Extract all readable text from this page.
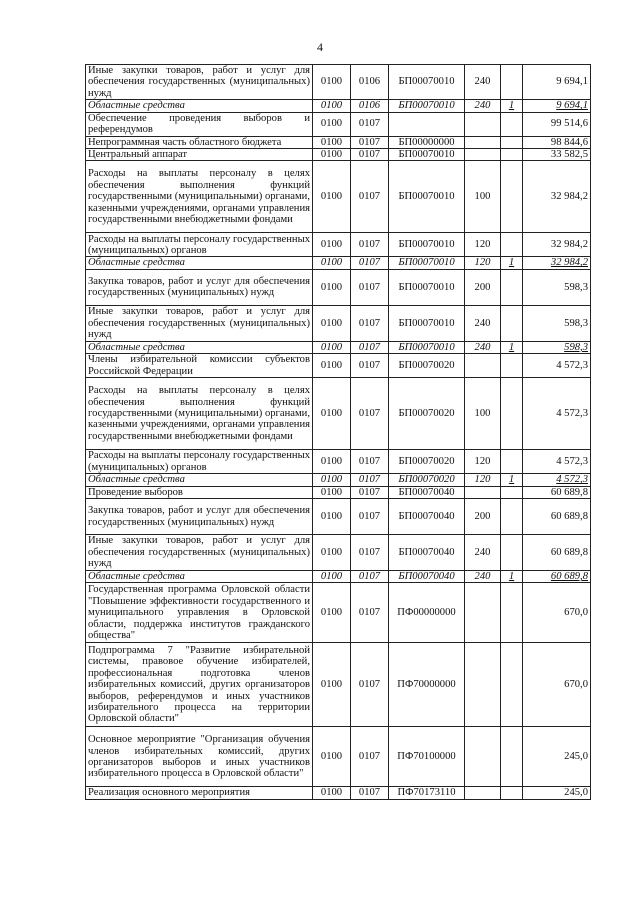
4
Иные закупки товаров, работ и услуг для обеспечения государственных (муниципальных) нужд	0100	0106	БП00070010	240		9 694,1
Областные средства	0100	0106	БП00070010	240	1	9 694,1
Обеспечение проведения выборов и референдумов	0100	0107				99 514,6
Непрограммная часть областного бюджета	0100	0107	БП00000000			98 844,6
Центральный аппарат	0100	0107	БП00070010			33 582,5
Расходы на выплаты персоналу в целях обеспечения выполнения функций государственными (муниципальными) органами, казенными учреждениями, органами управления государственными внебюджетными фондами	0100	0107	БП00070010	100		32 984,2
Расходы на выплаты персоналу государственных (муниципальных) органов	0100	0107	БП00070010	120		32 984,2
Областные средства	0100	0107	БП00070010	120	1	32 984,2
Закупка товаров, работ и услуг для обеспечения государственных (муниципальных) нужд	0100	0107	БП00070010	200		598,3
Иные закупки товаров, работ и услуг для обеспечения государственных (муниципальных) нужд	0100	0107	БП00070010	240		598,3
Областные средства	0100	0107	БП00070010	240	1	598,3
Члены избирательной комиссии субъектов Российской Федерации	0100	0107	БП00070020			4 572,3
Расходы на выплаты персоналу в целях обеспечения выполнения функций государственными (муниципальными) органами, казенными учреждениями, органами управления государственными внебюджетными фондами	0100	0107	БП00070020	100		4 572,3
Расходы на выплаты персоналу государственных (муниципальных) органов	0100	0107	БП00070020	120		4 572,3
Областные средства	0100	0107	БП00070020	120	1	4 572,3
Проведение выборов	0100	0107	БП00070040			60 689,8
Закупка товаров, работ и услуг для обеспечения государственных (муниципальных) нужд	0100	0107	БП00070040	200		60 689,8
Иные закупки товаров, работ и услуг для обеспечения государственных (муниципальных) нужд	0100	0107	БП00070040	240		60 689,8
Областные средства	0100	0107	БП00070040	240	1	60 689,8
Государственная программа Орловской области "Повышение эффективности государственного и муниципального управления в Орловской области, поддержка институтов гражданского общества"	0100	0107	ПФ00000000			670,0
Подпрограмма 7 "Развитие избирательной системы, правовое обучение избирателей, профессиональная подготовка членов избирательных комиссий, других организаторов выборов, референдумов и иных участников избирательного процесса на территории Орловской области"	0100	0107	ПФ70000000			670,0
Основное мероприятие "Организация обучения членов избирательных комиссий, других организаторов выборов и иных участников избирательного процесса в Орловской области"	0100	0107	ПФ70100000			245,0
Реализация основного мероприятия	0100	0107	ПФ70173110			245,0
